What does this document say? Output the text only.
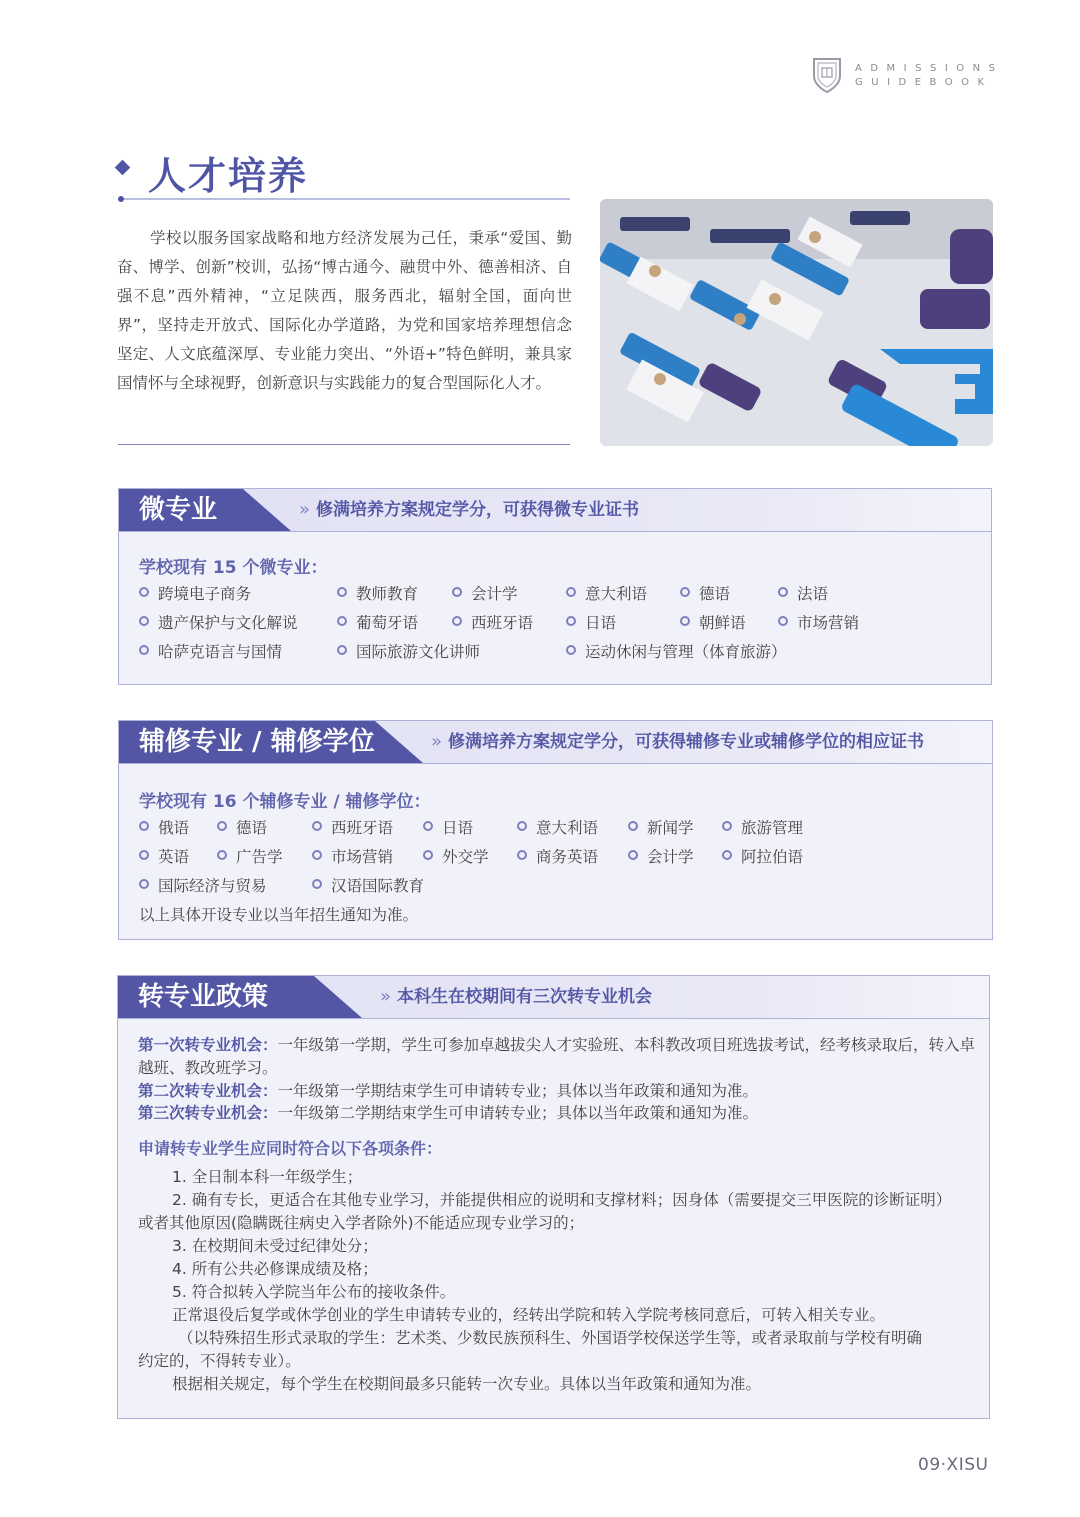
ADMISSIONS
GUIDEBOOK
人才培养
学校以服务国家战略和地方经济发展为己任，秉承“爱国、勤奋、博学、创新”校训，弘扬“博古通今、融贯中外、德善相济、自强不息”西外精神，“立足陕西，服务西北，辐射全国，面向世界”，坚持走开放式、国际化办学道路，为党和国家培养理想信念坚定、人文底蕴深厚、专业能力突出、“外语+”特色鲜明，兼具家国情怀与全球视野，创新意识与实践能力的复合型国际化人才。
微专业	» 修满培养方案规定学分，可获得微专业证书
学校现有 15 个微专业：
跨境电子商务	教师教育	会计学	意大利语	德语	法语
遗产保护与文化解说	葡萄牙语	西班牙语	日语	朝鲜语	市场营销
哈萨克语言与国情	国际旅游文化讲师	运动休闲与管理（体育旅游）
辅修专业 / 辅修学位	» 修满培养方案规定学分，可获得辅修专业或辅修学位的相应证书
学校现有 16 个辅修专业 / 辅修学位：
俄语	德语	西班牙语	日语	意大利语	新闻学	旅游管理
英语	广告学	市场营销	外交学	商务英语	会计学	阿拉伯语
国际经济与贸易	汉语国际教育
以上具体开设专业以当年招生通知为准。
转专业政策	» 本科生在校期间有三次转专业机会
第一次转专业机会：一年级第一学期，学生可参加卓越拔尖人才实验班、本科教改项目班选拔考试，经考核录取后，转入卓越班、教改班学习。
第二次转专业机会：一年级第一学期结束学生可申请转专业；具体以当年政策和通知为准。
第三次转专业机会：一年级第二学期结束学生可申请转专业；具体以当年政策和通知为准。
申请转专业学生应同时符合以下各项条件：
1. 全日制本科一年级学生；
2. 确有专长，更适合在其他专业学习，并能提供相应的说明和支撑材料；因身体（需要提交三甲医院的诊断证明）
或者其他原因(隐瞒既往病史入学者除外)不能适应现专业学习的；
3. 在校期间未受过纪律处分；
4. 所有公共必修课成绩及格；
5. 符合拟转入学院当年公布的接收条件。
正常退役后复学或休学创业的学生申请转专业的，经转出学院和转入学院考核同意后，可转入相关专业。
（以特殊招生形式录取的学生：艺术类、少数民族预科生、外国语学校保送学生等，或者录取前与学校有明确
约定的，不得转专业）。
根据相关规定，每个学生在校期间最多只能转一次专业。具体以当年政策和通知为准。
09·XISU
